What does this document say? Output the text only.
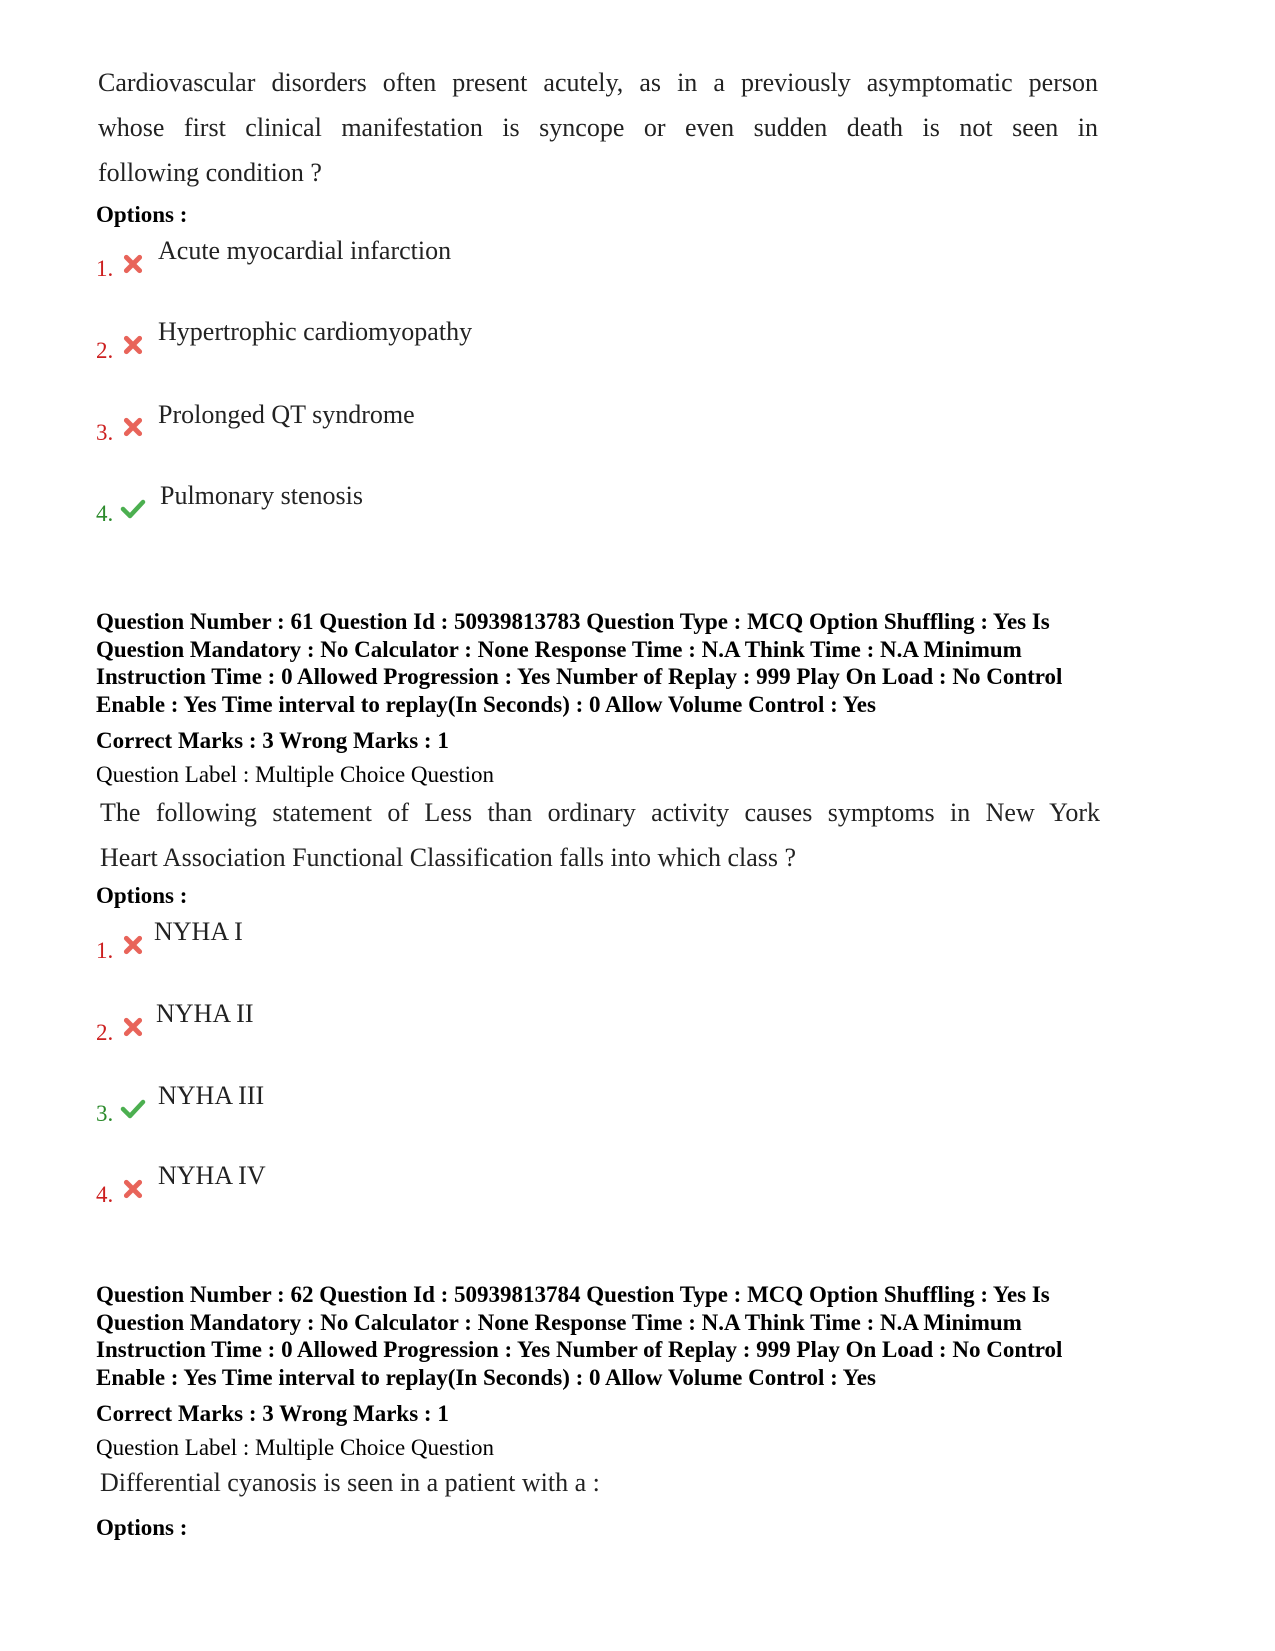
Cardiovascular disorders often present acutely, as in a previously asymptomatic person
whose first clinical manifestation is syncope or even sudden death is not seen in
following condition ?
Options :
1.
Acute myocardial infarction
2.
Hypertrophic cardiomyopathy
3.
Prolonged QT syndrome
4.
Pulmonary stenosis
Question Number : 61 Question Id : 50939813783 Question Type : MCQ Option Shuffling : Yes Is
Question Mandatory : No Calculator : None Response Time : N.A Think Time : N.A Minimum
Instruction Time : 0 Allowed Progression : Yes Number of Replay : 999 Play On Load : No Control
Enable : Yes Time interval to replay(In Seconds) : 0 Allow Volume Control : Yes
Correct Marks : 3 Wrong Marks : 1
Question Label : Multiple Choice Question
The following statement of Less than ordinary activity causes symptoms in New York
Heart Association Functional Classification falls into which class ?
Options :
1.
NYHA I
2.
NYHA II
3.
NYHA III
4.
NYHA IV
Question Number : 62 Question Id : 50939813784 Question Type : MCQ Option Shuffling : Yes Is
Question Mandatory : No Calculator : None Response Time : N.A Think Time : N.A Minimum
Instruction Time : 0 Allowed Progression : Yes Number of Replay : 999 Play On Load : No Control
Enable : Yes Time interval to replay(In Seconds) : 0 Allow Volume Control : Yes
Correct Marks : 3 Wrong Marks : 1
Question Label : Multiple Choice Question
Differential cyanosis is seen in a patient with a :
Options :
